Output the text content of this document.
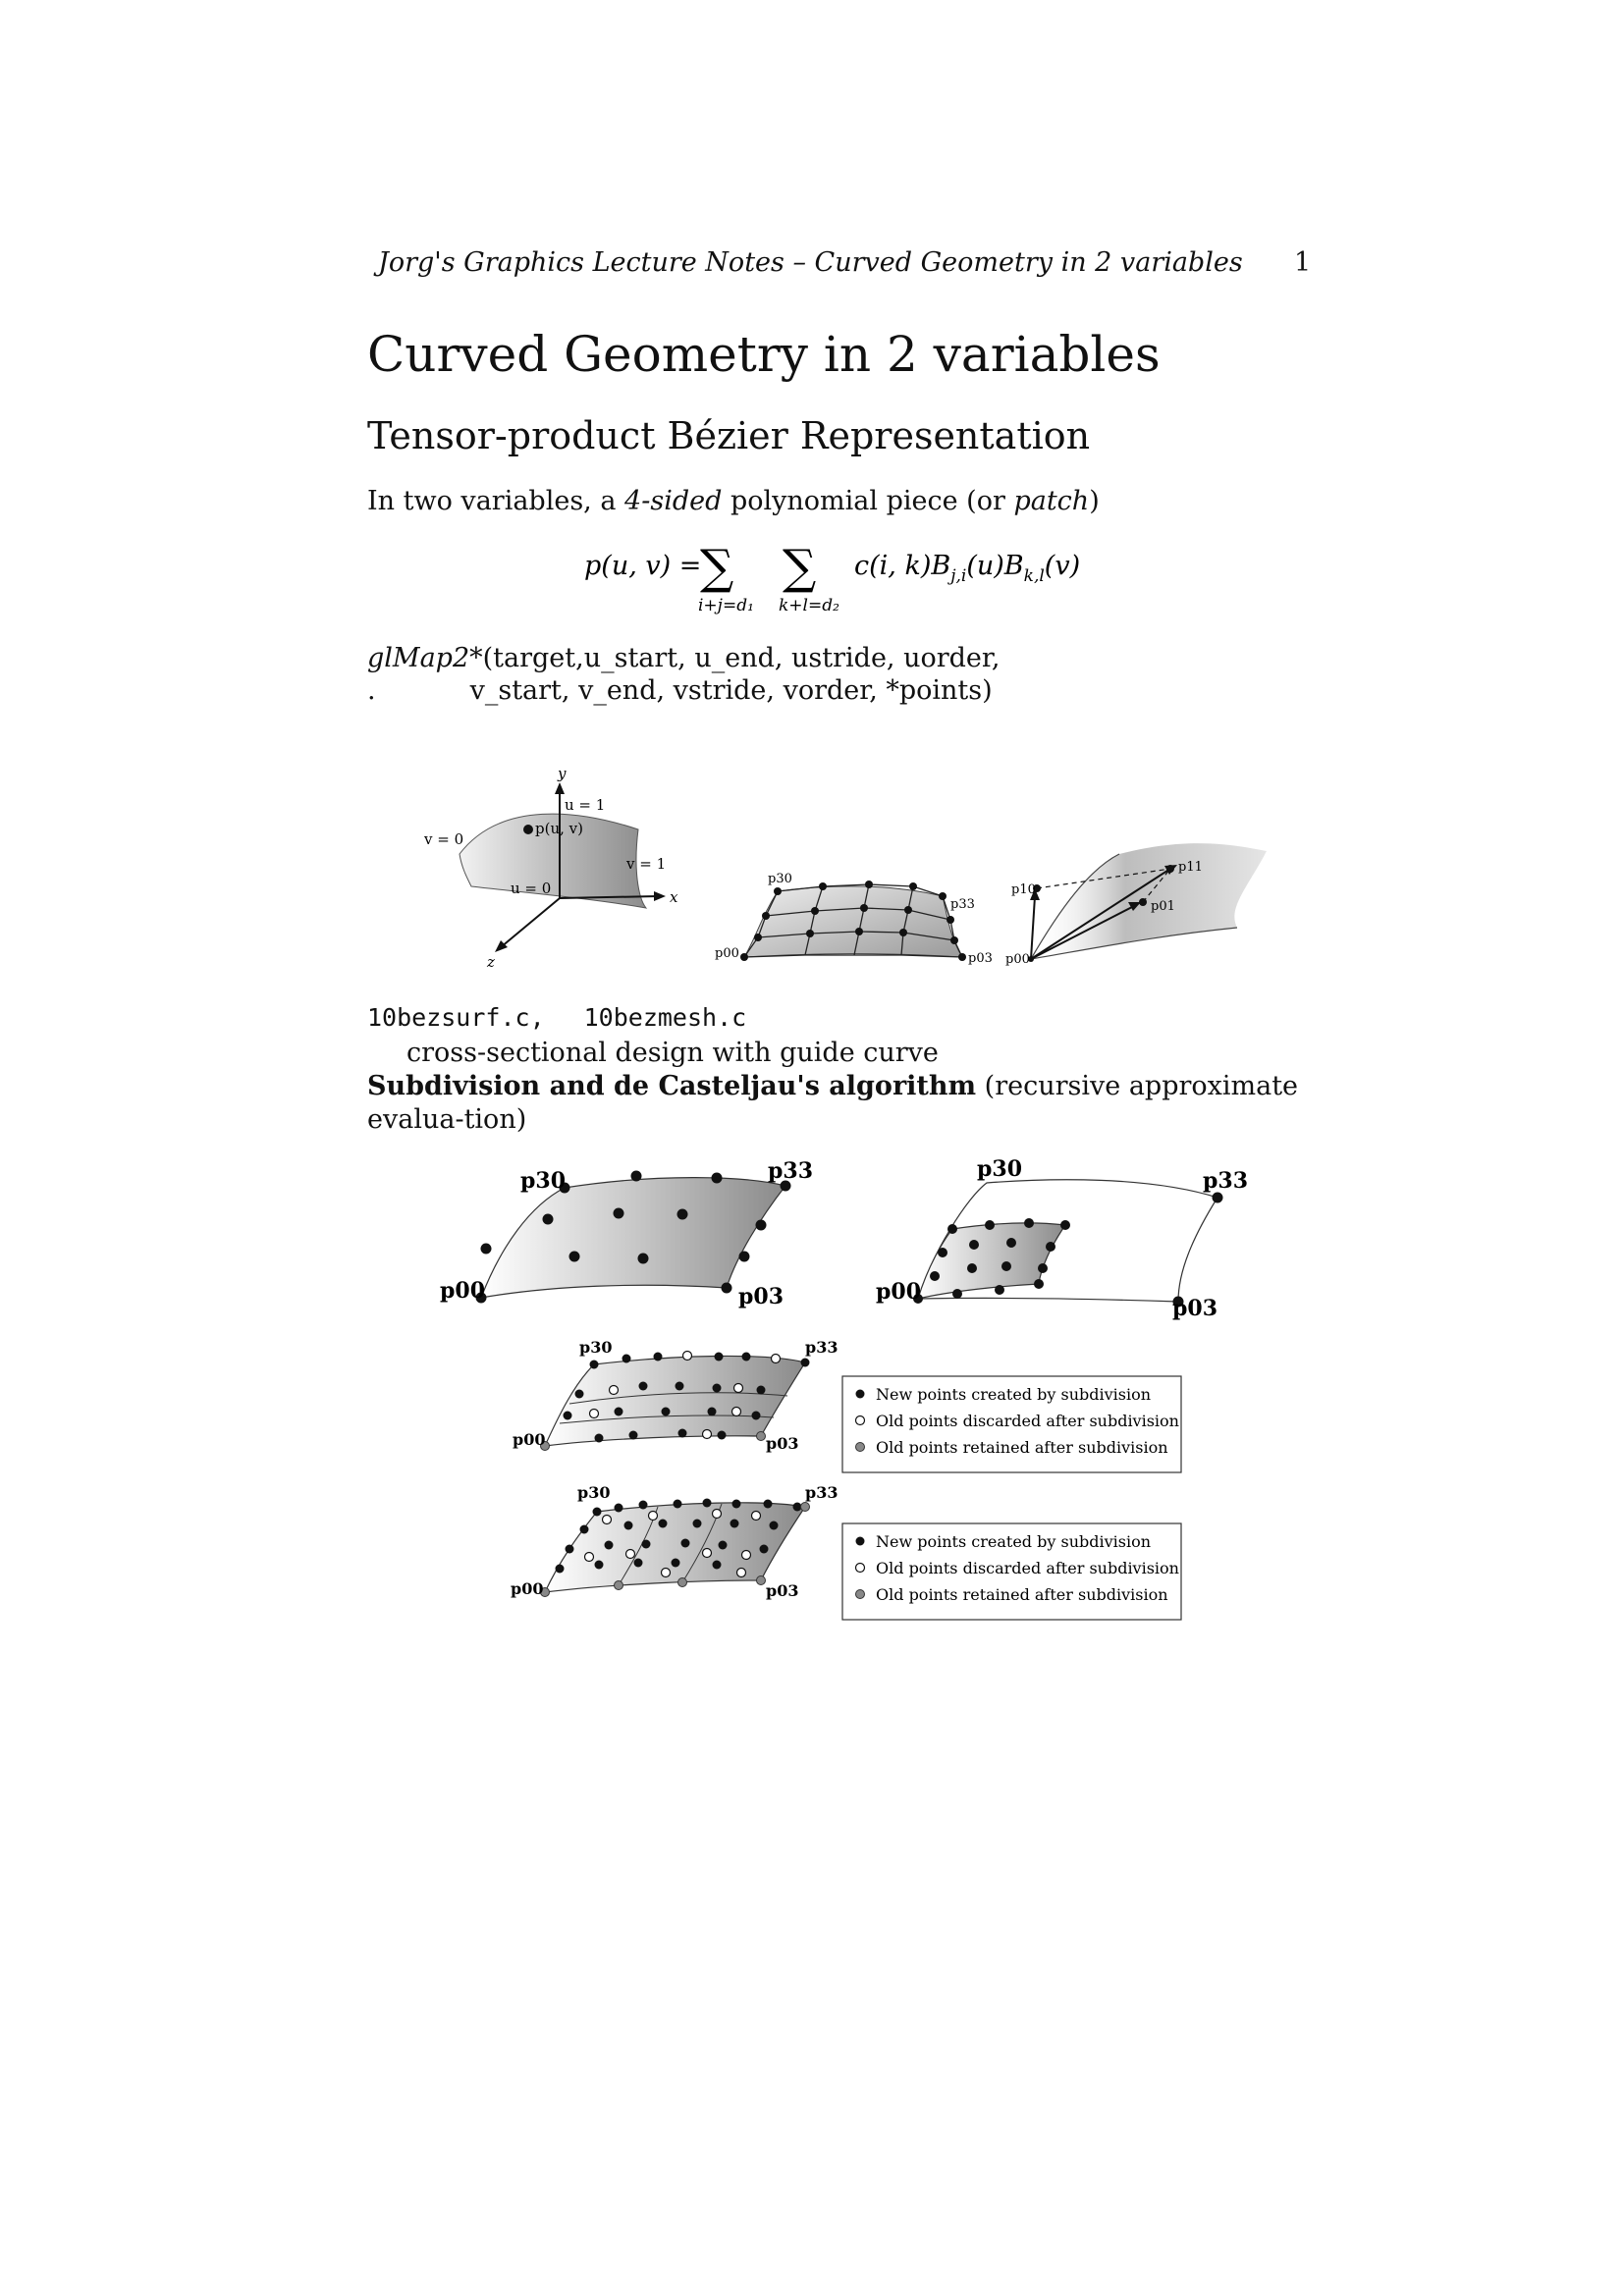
Jorg's Graphics Lecture Notes – Curved Geometry in 2 variables 1
Curved Geometry in 2 variables
Tensor-product Bézier Representation
In two variables, a 4-sided polynomial piece (or patch)
p(u, v) =
∑
i+j=d₁
∑
k+l=d₂
c(i, $k)B_{j,i}(u)B_{k,l}(v)$
glMap2*(target,u_start, u_end, ustride, uorder,
.	v_start, v_end, vstride, vorder, *points)
y
x
z
u = 1
u = 0
v = 0
v = 1
p(u, v)
p30
p33
p00	p03
p10
p11
p01
p00
10bezsurf.c, 10bezmesh.c
cross-sectional design with guide curve
Subdivision and de Casteljau's algorithm (recursive approximate evalua-tion)
p30	p33
p00	p03
p30	p33
p00
p03
p30	p33
p00	p03
New points created by subdivision
Old points discarded after subdivision
Old points retained after subdivision
p30	p33
p00	p03
New points created by subdivision
Old points discarded after subdivision
Old points retained after subdivision
